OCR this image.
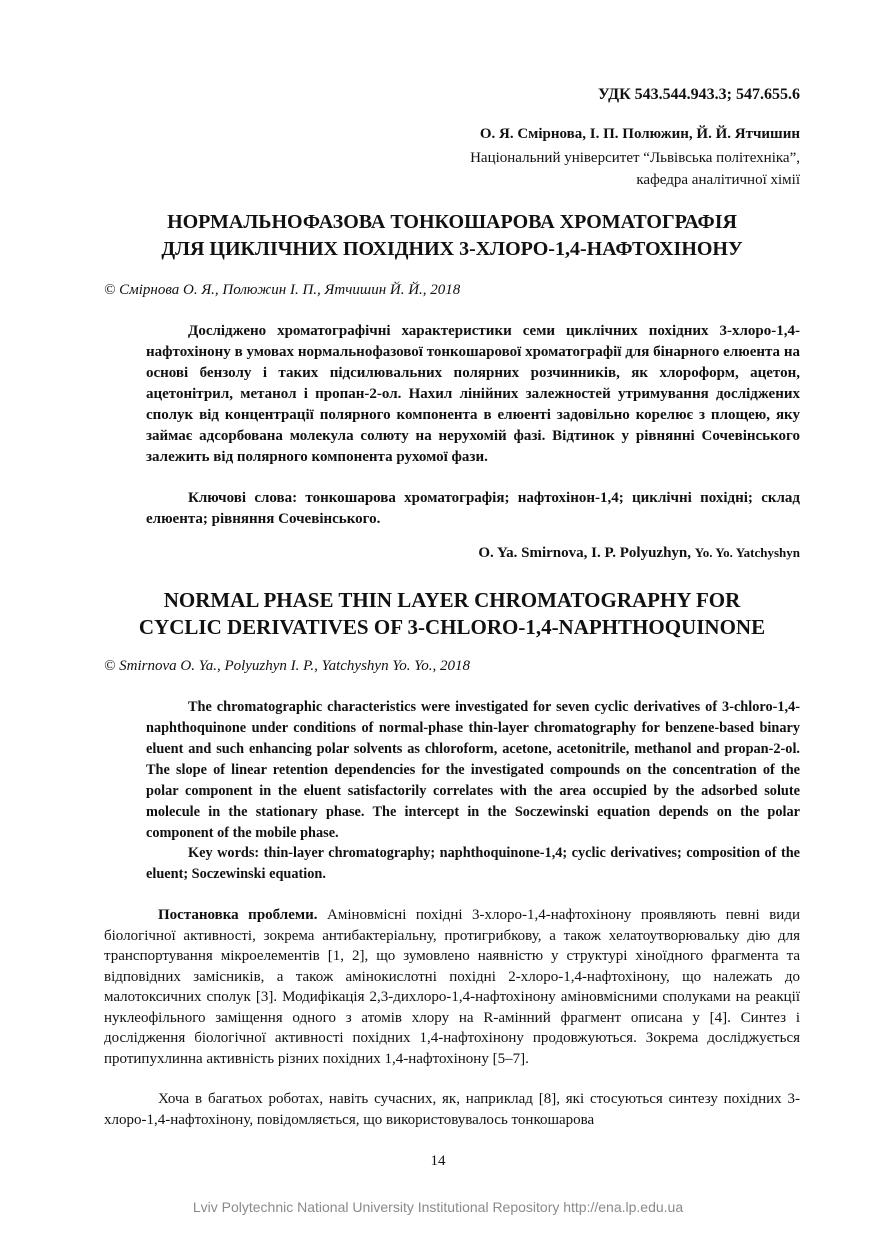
УДК 543.544.943.3; 547.655.6
О. Я. Смірнова, І. П. Полюжин, Й. Й. Ятчишин
Національний університет “Львівська політехніка”,
кафедра аналітичної хімії
НОРМАЛЬНОФАЗОВА ТОНКОШАРОВА ХРОМАТОГРАФІЯ
ДЛЯ ЦИКЛІЧНИХ ПОХІДНИХ 3-ХЛОРО-1,4-НАФТОХІНОНУ
© Смірнова О. Я., Полюжин І. П., Ятчишин Й. Й., 2018

Досліджено хроматографічні характеристики семи циклічних похідних 3-хлоро-1,4-нафтохінону в умовах нормальнофазової тонкошарової хроматографії для бінарного елюента на основі бензолу і таких підсилювальних полярних розчинників, як хлороформ, ацетон, ацетонітрил, метанол і пропан-2-ол. Нахил лінійних залежностей утримування досліджених сполук від концентрації полярного компонента в елюенті задовільно корелює з площею, яку займає адсорбована молекула солюту на нерухомій фазі. Відтинок у рівнянні Сочевінського залежить від полярного компонента рухомої фази.

Ключові слова: тонкошарова хроматографія; нафтохінон-1,4; циклічні похідні; склад елюента; рівняння Сочевінського.

O. Ya. Smirnova, I. P. Polyuzhyn, Yo. Yo. Yatchyshyn
NORMAL PHASE THIN LAYER CHROMATOGRAPHY FOR
CYCLIC DERIVATIVES OF 3-CHLORO-1,4-NAPHTHOQUINONE
© Smirnova O. Ya., Polyuzhyn I. P., Yatchyshyn Yo. Yo., 2018

The chromatographic characteristics were investigated for seven cyclic derivatives of 3-chloro-1,4-naphthoquinone under conditions of normal-phase thin-layer chromatography for benzene-based binary eluent and such enhancing polar solvents as chloroform, acetone, acetonitrile, methanol and propan-2-ol. The slope of linear retention dependencies for the investigated compounds on the concentration of the polar component in the eluent satisfactorily correlates with the area occupied by the adsorbed solute molecule in the stationary phase. The intercept in the Soczewinski equation depends on the polar component of the mobile phase.

Key words: thin-layer chromatography; naphthoquinone-1,4; cyclic derivatives; composition of the eluent; Soczewinski equation.

Постановка проблеми. Аміновмісні похідні 3-хлоро-1,4-нафтохінону проявляють певні види біологічної активності, зокрема антибактеріальну, протигрибкову, а також хелатоутворювальку дію для транспортування мікроелементів [1, 2], що зумовлено наявністю у структурі хіноїдного фрагмента та відповідних замісників, а також амінокислотні похідні 2-хлоро-1,4-нафтохінону, що належать до малотоксичних сполук [3]. Модифікація 2,3-дихлоро-1,4-нафтохінону аміновмісними сполуками на реакції нуклеофільного заміщення одного з атомів хлору на R-амінний фрагмент описана у [4]. Синтез і дослідження біологічної активності похідних 1,4-нафтохінону продовжуються. Зокрема досліджується протипухлинна активність різних похідних 1,4-нафтохінону [5–7].

Хоча в багатьох роботах, навіть сучасних, як, наприклад [8], які стосуються синтезу похідних 3-хлоро-1,4-нафтохінону, повідомляється, що використовувалось тонкошарова

14
Lviv Polytechnic National University Institutional Repository http://ena.lp.edu.ua
